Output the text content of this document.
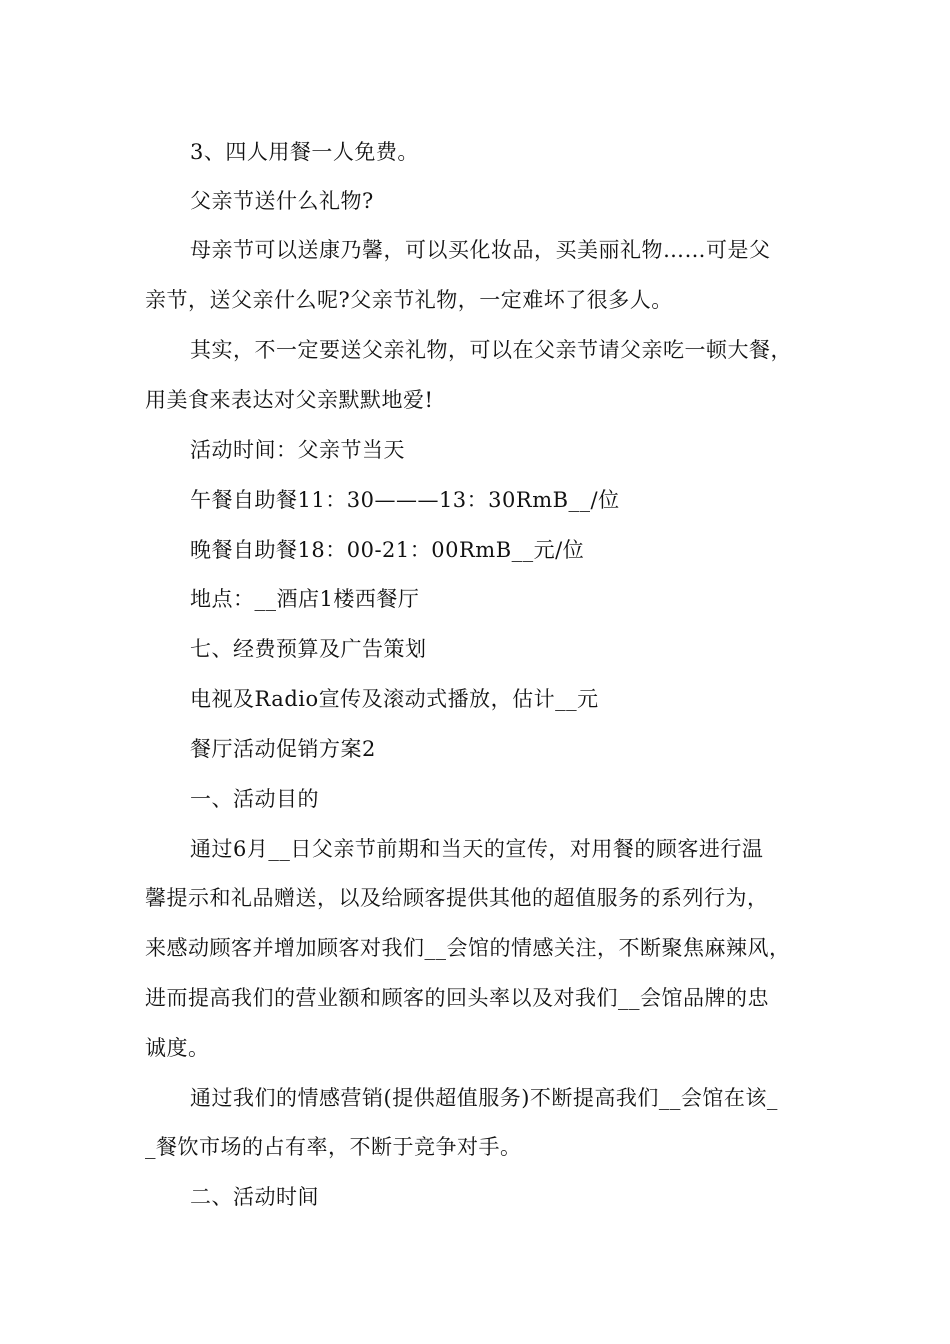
3、四人用餐一人免费。
父亲节送什么礼物?
母亲节可以送康乃馨，可以买化妆品，买美丽礼物……可是父
亲节，送父亲什么呢?父亲节礼物，一定难坏了很多人。
其实，不一定要送父亲礼物，可以在父亲节请父亲吃一顿大餐，
用美食来表达对父亲默默地爱!
活动时间：父亲节当天
午餐自助餐11：30———13：30RmB__/位
晚餐自助餐18：00-21：00RmB__元/位
地点：__酒店1楼西餐厅
七、经费预算及广告策划
电视及Radio宣传及滚动式播放，估计__元
餐厅活动促销方案2
一、活动目的
通过6月__日父亲节前期和当天的宣传，对用餐的顾客进行温
馨提示和礼品赠送，以及给顾客提供其他的超值服务的系列行为，
来感动顾客并增加顾客对我们__会馆的情感关注，不断聚焦麻辣风，
进而提高我们的营业额和顾客的回头率以及对我们__会馆品牌的忠
诚度。
通过我们的情感营销(提供超值服务)不断提高我们__会馆在该_
_餐饮市场的占有率，不断于竞争对手。
二、活动时间
